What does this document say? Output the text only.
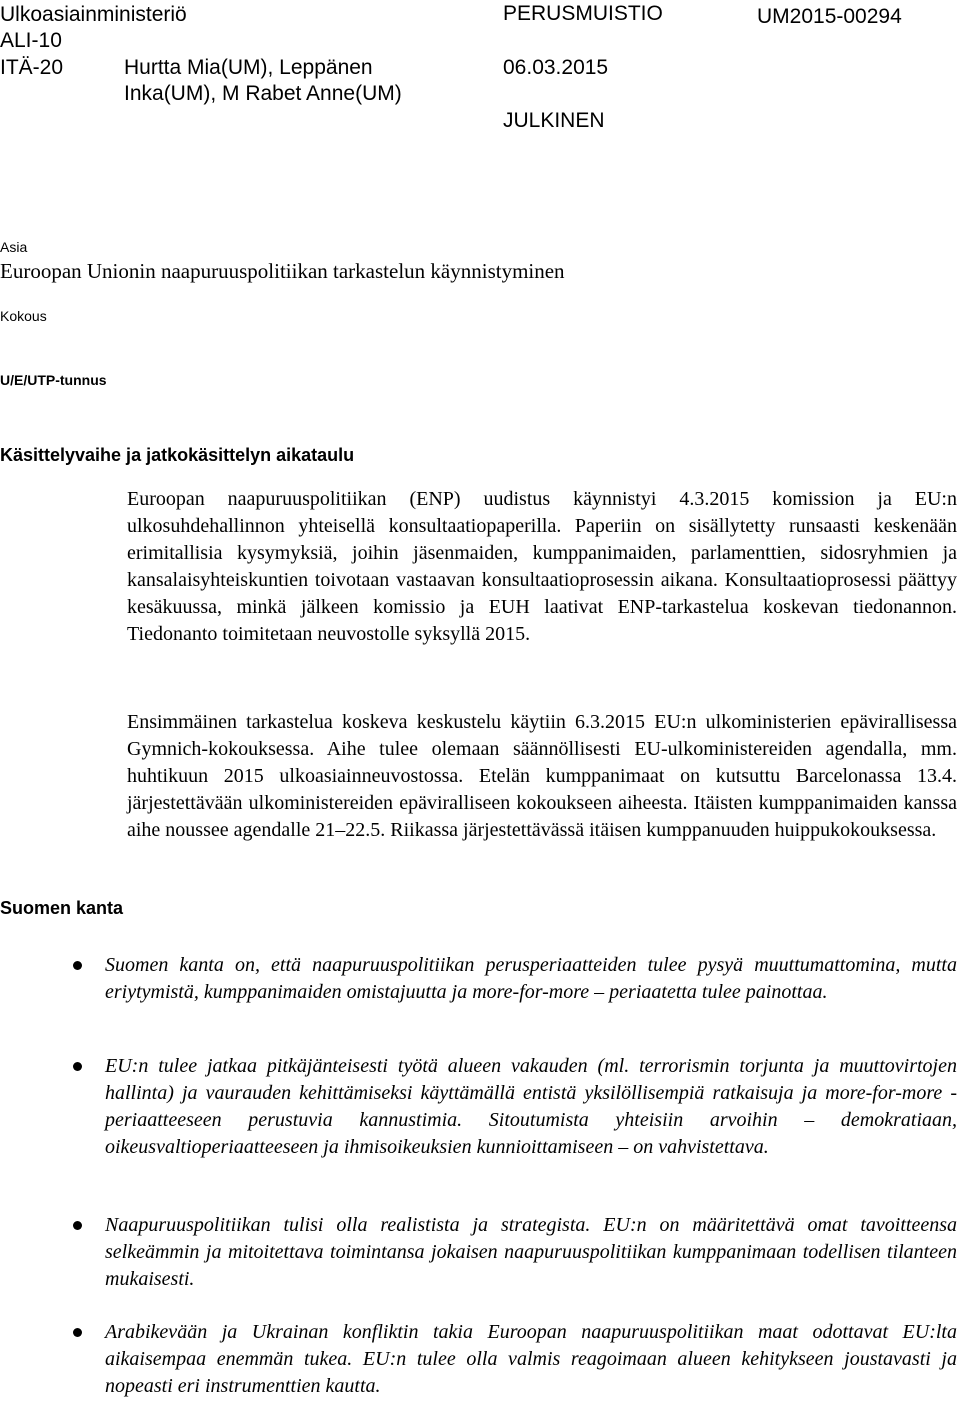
Ulkoasiainministeriö
ALI-10
ITÄ-20	Hurtta Mia(UM), Leppänen
Inka(UM), M Rabet Anne(UM)
PERUSMUISTIO
06.03.2015
JULKINEN
UM2015-00294
Asia
Euroopan Unionin naapuruuspolitiikan tarkastelun käynnistyminen
Kokous
U/E/UTP-tunnus
Käsittelyvaihe ja jatkokäsittelyn aikataulu
Euroopan naapuruuspolitiikan (ENP) uudistus käynnistyi 4.3.2015 komission ja EU:n ulkosuhdehallinnon yhteisellä konsultaatiopaperilla. Paperiin on sisällytetty runsaasti keskenään erimitallisia kysymyksiä, joihin jäsenmaiden, kumppanimaiden, parlamenttien, sidosryhmien ja kansalaisyhteiskuntien toivotaan vastaavan konsultaatioprosessin aikana. Konsultaatioprosessi päättyy kesäkuussa, minkä jälkeen komissio ja EUH laativat ENP-tarkastelua koskevan tiedonannon. Tiedonanto toimitetaan neuvostolle syksyllä 2015.
Ensimmäinen tarkastelua koskeva keskustelu käytiin 6.3.2015 EU:n ulkoministerien epävirallisessa Gymnich-kokouksessa. Aihe tulee olemaan säännöllisesti EU-ulkoministereiden agendalla, mm. huhtikuun 2015 ulkoasiainneuvostossa. Etelän kumppanimaat on kutsuttu Barcelonassa 13.4. järjestettävään ulkoministereiden epäviralliseen kokoukseen aiheesta. Itäisten kumppanimaiden kanssa aihe noussee agendalle 21–22.5. Riikassa järjestettävässä itäisen kumppanuuden huippukokouksessa.
Suomen kanta
Suomen kanta on, että naapuruuspolitiikan perusperiaatteiden tulee pysyä muuttumattomina, mutta eriytymistä, kumppanimaiden omistajuutta ja more-for-more – periaatetta tulee painottaa.
EU:n tulee jatkaa pitkäjänteisesti työtä alueen vakauden (ml. terrorismin torjunta ja muuttovirtojen hallinta) ja vaurauden kehittämiseksi käyttämällä entistä yksilöllisempiä ratkaisuja ja more-for-more -periaatteeseen perustuvia kannustimia. Sitoutumista yhteisiin arvoihin – demokratiaan, oikeusvaltioperiaatteeseen ja ihmisoikeuksien kunnioittamiseen – on vahvistettava.
Naapuruuspolitiikan tulisi olla realistista ja strategista. EU:n on määritettävä omat tavoitteensa selkeämmin ja mitoitettava toimintansa jokaisen naapuruuspolitiikan kumppanimaan todellisen tilanteen mukaisesti.
Arabikevään ja Ukrainan konfliktin takia Euroopan naapuruuspolitiikan maat odottavat EU:lta aikaisempaa enemmän tukea. EU:n tulee olla valmis reagoimaan alueen kehitykseen joustavasti ja nopeasti eri instrumenttien kautta.
